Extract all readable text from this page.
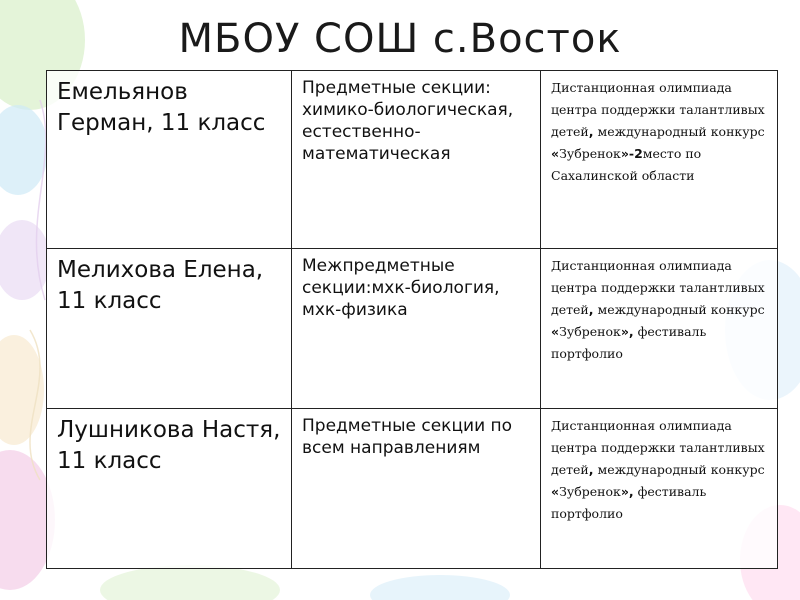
МБОУ СОШ с.Восток
Емельянов Герман, 11 класс	Предметные секции: химико-биологическая, естественно-математическая	Дистанционная олимпиада центра поддержки талантливых детей, международный конкурс «Зубренок»-2место по Сахалинской области
Мелихова Елена, 11 класс	Межпредметные секции:мхк-биология, мхк-физика	Дистанционная олимпиада центра поддержки талантливых детей, международный конкурс «Зубренок», фестиваль портфолио
Лушникова Настя, 11 класс	Предметные секции по всем направлениям	Дистанционная олимпиада центра поддержки талантливых детей, международный конкурс «Зубренок», фестиваль портфолио
